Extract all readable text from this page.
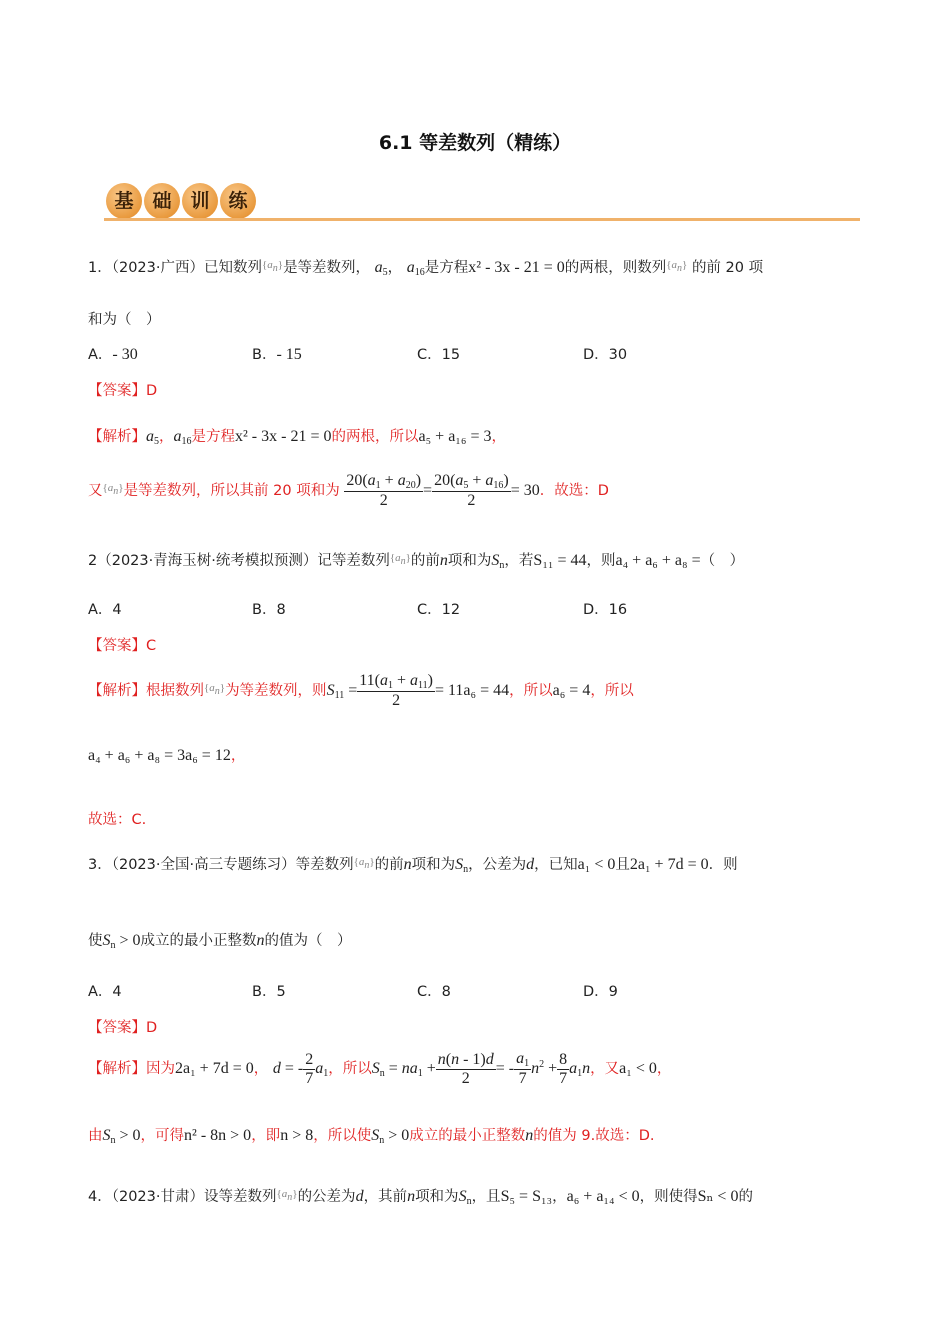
6.1 等差数列（精练）
基 础 训 练
1．（2023·广西）已知数列$\{a_n\}$是等差数列， $a_5$， $a_{16}$是方程x² - 3x - 21 = 0的两根，则数列$\{a_n\}$ 的前 20 项
和为（　）
A．- 30	B．- 15	C．15	D．30
【答案】D
【解析】$a_5$，$a_{16}$是方程x² - 3x - 21 = 0的两根，所以a₅ + a₁₆ = 3，
又$\{a_n\}$是等差数列，所以其前 20 项和为 $\frac{20(a_1 + a_{20})}{2} = \frac{20(a_5 + a_{16})}{2} = 30$．故选：D
2（2023·青海玉树·统考模拟预测）记等差数列$\{a_n\}$的前n项和为$S_n$，若S₁₁ = 44，则a₄ + a₆ + a₈ =（　）
A．4	B．8	C．12	D．16
【答案】C
【解析】根据数列$\{a_n\}$为等差数列，则$S_{11} = \frac{11(a_1 + a_{11})}{2} = 11a_6 = 44$，所以a₆ = 4，所以
a₄ + a₆ + a₈ = 3a₆ = 12，
故选：C.
3．（2023·全国·高三专题练习）等差数列$\{a_n\}$的前n项和为$S_n$，公差为d，已知a₁ < 0且2a₁ + 7d = 0．则
使$S_n > 0$成立的最小正整数n的值为（　）
A．4	B．5	C．8	D．9
【答案】D
【解析】因为2a₁ + 7d = 0， d = - $\frac{2}{7} a_1$，所以$S_n = na_1 + \frac{n(n - 1)d}{2}$ = - $\frac{a_1}{7} n^2 + \frac{8}{7} a_1n$，又a₁ < 0，
由$S_n > 0$，可得n² - 8n > 0，即n > 8，所以使$S_n > 0$成立的最小正整数n的值为 9.故选：D.
4．（2023·甘肃）设等差数列$\{a_n\}$的公差为d，其前n项和为$S_n$，且S₅ = S₁₃，a₆ + a₁₄ < 0，则使得Sₙ < 0的
